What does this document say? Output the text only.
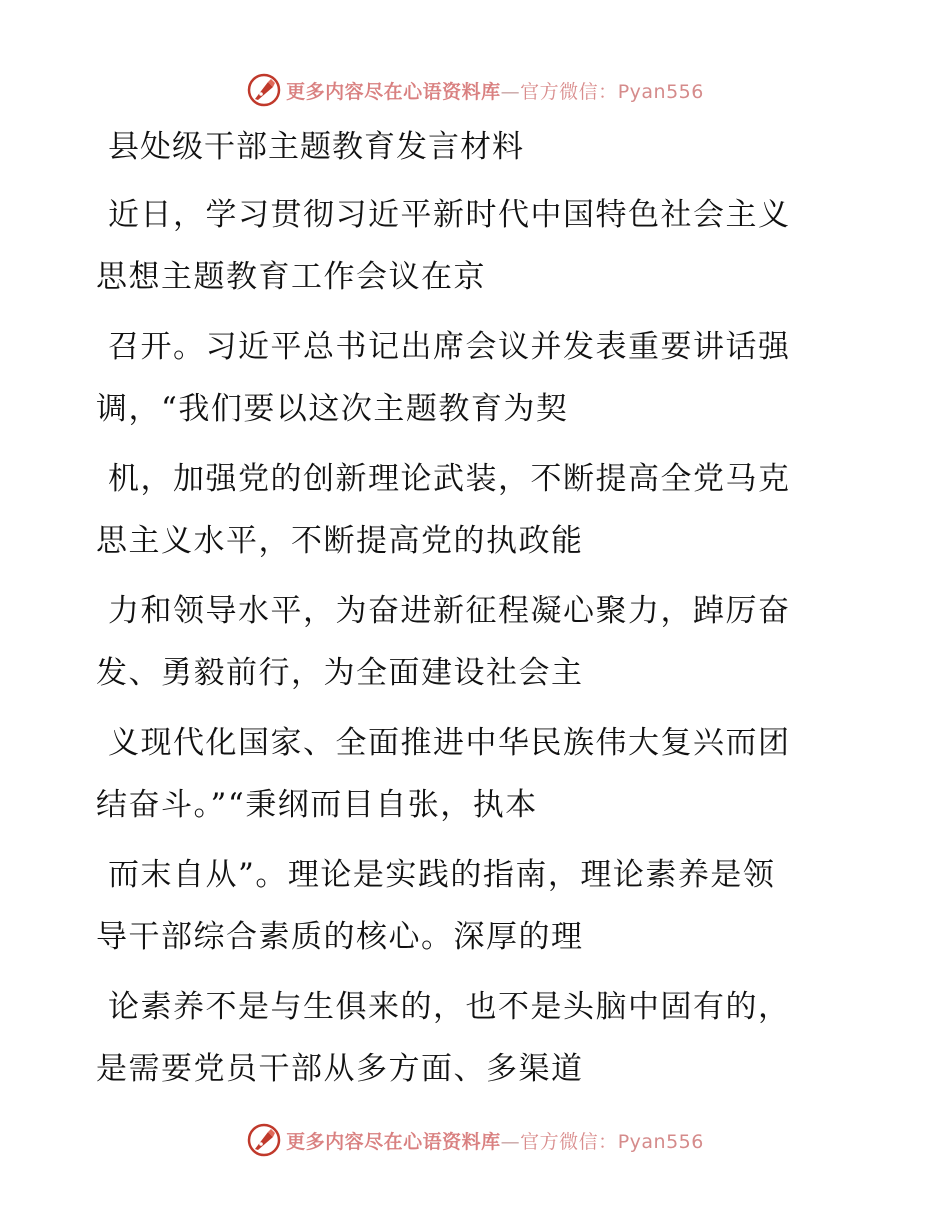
更多内容尽在心语资料库—官方微信：Pyan556
县处级干部主题教育发言材料

近日，学习贯彻习近平新时代中国特色社会主义
思想主题教育工作会议在京

召开。习近平总书记出席会议并发表重要讲话强
调，“我们要以这次主题教育为契

机，加强党的创新理论武装，不断提高全党马克
思主义水平，不断提高党的执政能

力和领导水平，为奋进新征程凝心聚力，踔厉奋
发、勇毅前行，为全面建设社会主

义现代化国家、全面推进中华民族伟大复兴而团
结奋斗。”“秉纲而目自张，执本

而末自从”。理论是实践的指南，理论素养是领
导干部综合素质的核心。深厚的理

论素养不是与生俱来的，也不是头脑中固有的，
是需要党员干部从多方面、多渠道

更多内容尽在心语资料库—官方微信：Pyan556
